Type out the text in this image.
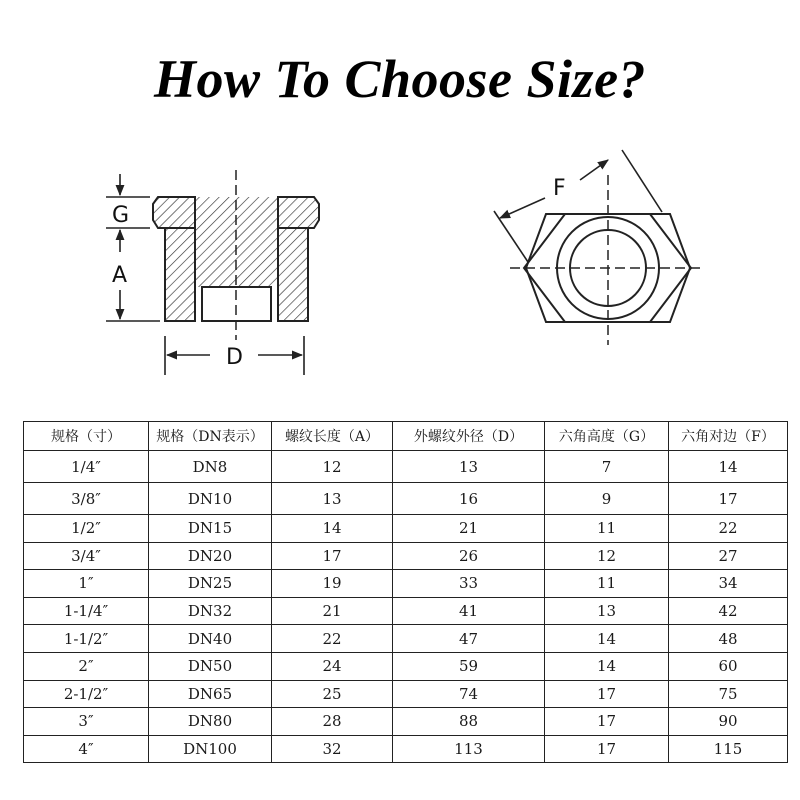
How To Choose Size?
G
A
D
F
规格（寸）	规格（DN表示）	螺纹长度（A）	外螺纹外径（D）	六角高度（G）	六角对边（F）
1/4″	DN8	12	13	7	14
3/8″	DN10	13	16	9	17
1/2″	DN15	14	21	11	22
3/4″	DN20	17	26	12	27
1″	DN25	19	33	11	34
1-1/4″	DN32	21	41	13	42
1-1/2″	DN40	22	47	14	48
2″	DN50	24	59	14	60
2-1/2″	DN65	25	74	17	75
3″	DN80	28	88	17	90
4″	DN100	32	113	17	115
